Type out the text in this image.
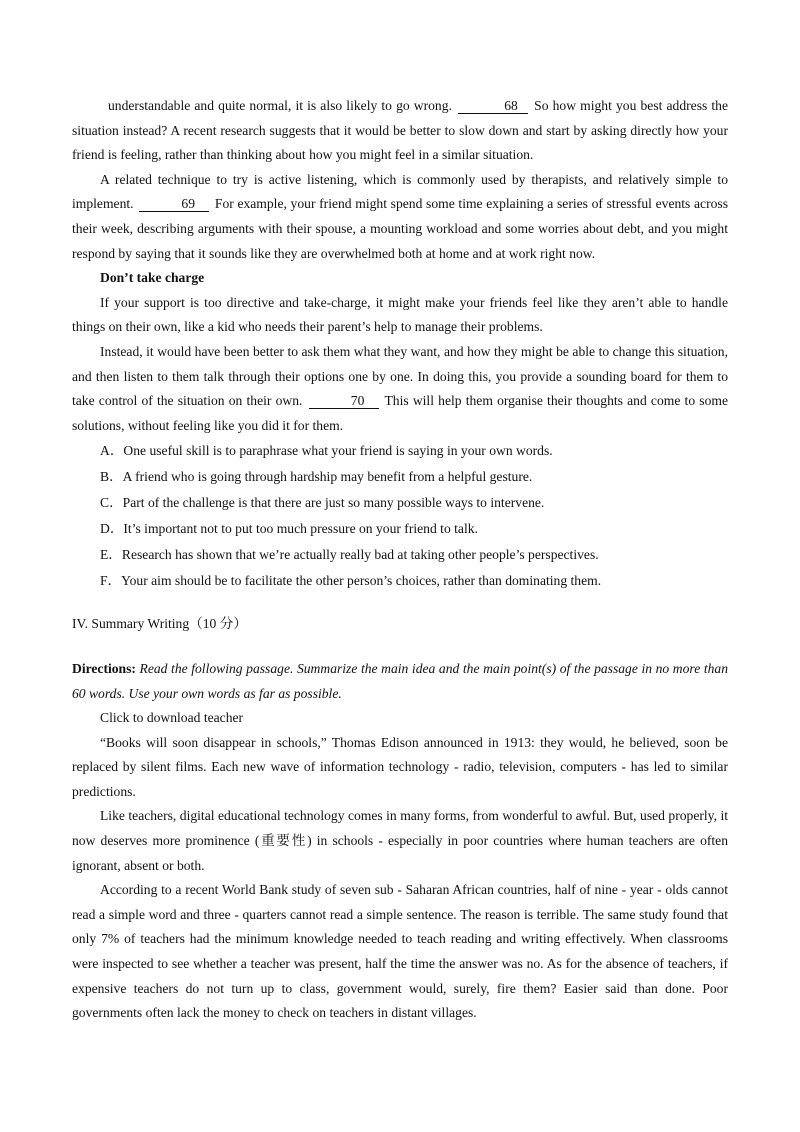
understandable and quite normal, it is also likely to go wrong.	68 So how might you best address the situation instead? A recent research suggests that it would be better to slow down and start by asking directly how your friend is feeling, rather than thinking about how you might feel in a similar situation.

A related technique to try is active listening, which is commonly used by therapists, and relatively simple to implement.	69 For example, your friend might spend some time explaining a series of stressful events across their week, describing arguments with their spouse, a mounting workload and some worries about debt, and you might respond by saying that it sounds like they are overwhelmed both at home and at work right now.

Don’t take charge

If your support is too directive and take-charge, it might make your friends feel like they aren’t able to handle things on their own, like a kid who needs their parent’s help to manage their problems.

Instead, it would have been better to ask them what they want, and how they might be able to change this situation, and then listen to them talk through their options one by one. In doing this, you provide a sounding board for them to take control of the situation on their own.	70 This will help them organise their thoughts and come to some solutions, without feeling like you did it for them.

A．One useful skill is to paraphrase what your friend is saying in your own words.

B．A friend who is going through hardship may benefit from a helpful gesture.

C．Part of the challenge is that there are just so many possible ways to intervene.

D．It’s important not to put too much pressure on your friend to talk.

E．Research has shown that we’re actually really bad at taking other people’s perspectives.

F．Your aim should be to facilitate the other person’s choices, rather than dominating them.

IV. Summary Writing（10 分）

Directions: Read the following passage. Summarize the main idea and the main point(s) of the passage in no more than 60 words. Use your own words as far as possible.

Click to download teacher

“Books will soon disappear in schools,” Thomas Edison announced in 1913: they would, he believed, soon be replaced by silent films. Each new wave of information technology - radio, television, computers - has led to similar predictions.

Like teachers, digital educational technology comes in many forms, from wonderful to awful. But, used properly, it now deserves more prominence (重要性) in schools - especially in poor countries where human teachers are often ignorant, absent or both.

According to a recent World Bank study of seven sub - Saharan African countries, half of nine - year - olds cannot read a simple word and three - quarters cannot read a simple sentence. The reason is terrible. The same study found that only 7% of teachers had the minimum knowledge needed to teach reading and writing effectively. When classrooms were inspected to see whether a teacher was present, half the time the answer was no. As for the absence of teachers, if expensive teachers do not turn up to class, government would, surely, fire them? Easier said than done. Poor governments often lack the money to check on teachers in distant villages.
